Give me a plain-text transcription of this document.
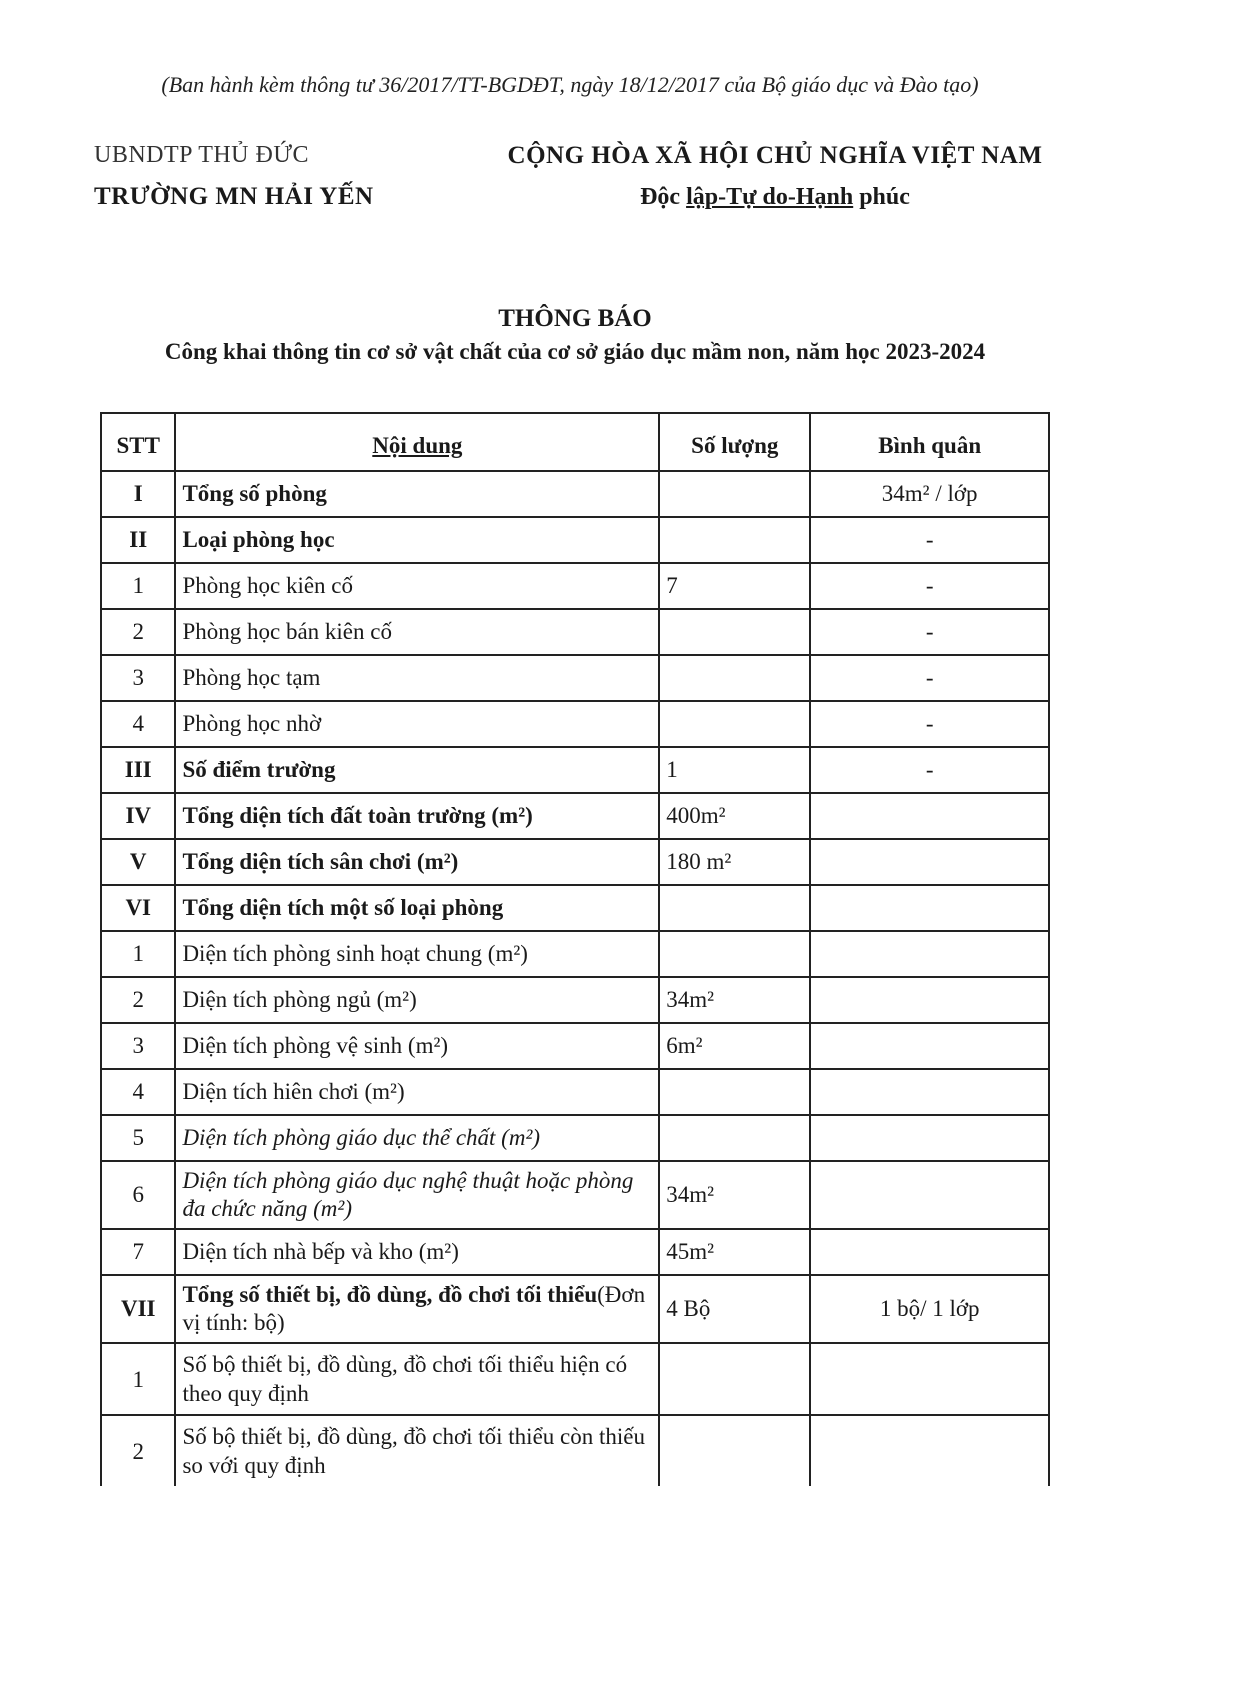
(Ban hành kèm thông tư 36/2017/TT-BGDĐT, ngày 18/12/2017 của Bộ giáo dục và Đào tạo)
UBNDTP THỦ ĐỨC
TRƯỜNG MN HẢI YẾN
CỘNG HÒA XÃ HỘI CHỦ NGHĨA VIỆT NAM
Độc lập-Tự do-Hạnh phúc
THÔNG BÁO
Công khai thông tin cơ sở vật chất của cơ sở giáo dục mầm non, năm học 2023-2024
STT	Nội dung	Số lượng	Bình quân
I	Tổng số phòng		34m² / lớp
II	Loại phòng học		-
1	Phòng học kiên cố	7	-
2	Phòng học bán kiên cố		-
3	Phòng học tạm		-
4	Phòng học nhờ		-
III	Số điểm trường	1	-
IV	Tổng diện tích đất toàn trường (m²)	400m²	
V	Tổng diện tích sân chơi (m²)	180 m²	
VI	Tổng diện tích một số loại phòng		
1	Diện tích phòng sinh hoạt chung (m²)		
2	Diện tích phòng ngủ (m²)	34m²	
3	Diện tích phòng vệ sinh (m²)	6m²	
4	Diện tích hiên chơi (m²)		
5	Diện tích phòng giáo dục thể chất (m²)		
6	Diện tích phòng giáo dục nghệ thuật hoặc phòng đa chức năng (m²)	34m²	
7	Diện tích nhà bếp và kho (m²)	45m²	
VII	Tổng số thiết bị, đồ dùng, đồ chơi tối thiểu(Đơn vị tính: bộ)	4 Bộ	1 bộ/ 1 lớp
1	Số bộ thiết bị, đồ dùng, đồ chơi tối thiểu hiện có theo quy định		
2	Số bộ thiết bị, đồ dùng, đồ chơi tối thiểu còn thiếu so với quy định		
